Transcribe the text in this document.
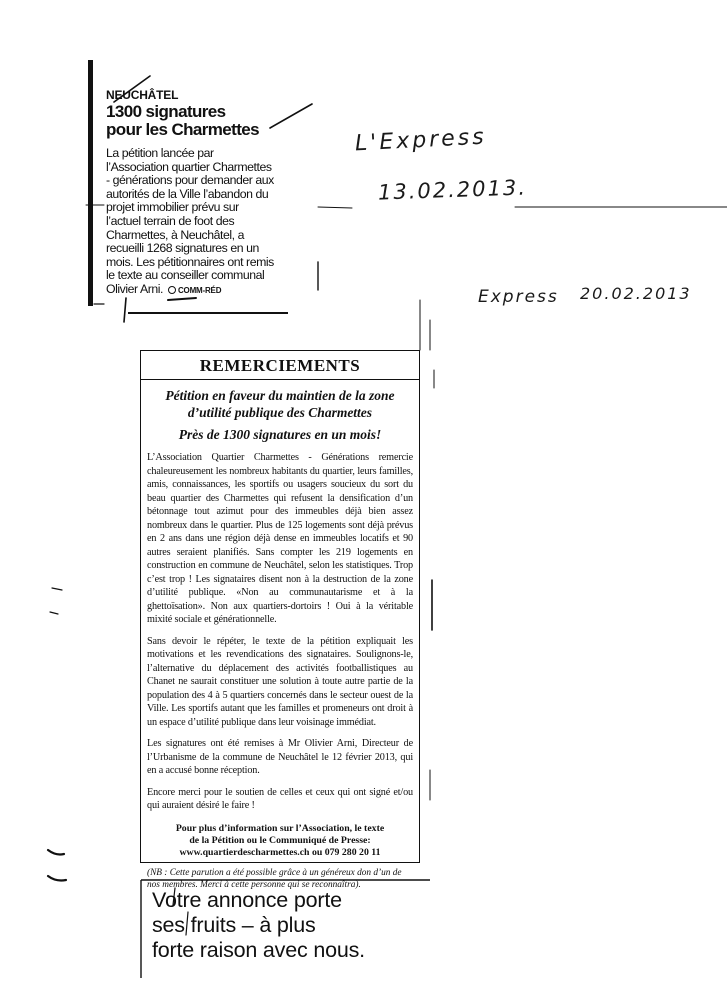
NEUCHÂTEL
1300 signatures
pour les Charmettes
La pétition lancée par
l’Association quartier Charmettes
- générations pour demander aux
autorités de la Ville l’abandon du
projet immobilier prévu sur
l’actuel terrain de foot des
Charmettes, à Neuchâtel, a
recueilli 1268 signatures en un
mois. Les pétitionnaires ont remis
le texte au conseiller communal
Olivier Arni. COMM-RÉD
L'Express
13.02.2013.
Express 20.02.2013
REMERCIEMENTS
Pétition en faveur du maintien de la zone
d’utilité publique des Charmettes
Près de 1300 signatures en un mois!
L’Association Quartier Charmettes - Générations remercie chaleureusement les nombreux habitants du quartier, leurs familles, amis, connaissances, les sportifs ou usagers soucieux du sort du beau quartier des Charmettes qui refusent la densification d’un bétonnage tout azimut pour des immeubles déjà bien assez nombreux dans le quartier. Plus de 125 logements sont déjà prévus en 2 ans dans une région déjà dense en immeubles locatifs et 90 autres seraient planifiés. Sans compter les 219 logements en construction en commune de Neuchâtel, selon les statistiques. Trop c’est trop ! Les signataires disent non à la destruction de la zone d’utilité publique. «Non au communautarisme et à la ghettoïsation». Non aux quartiers-dortoirs ! Oui à la véritable mixité sociale et générationnelle.
Sans devoir le répéter, le texte de la pétition expliquait les motivations et les revendications des signataires. Soulignons-le, l’alternative du déplacement des activités footballistiques au Chanet ne saurait constituer une solution à toute autre partie de la population des 4 à 5 quartiers concernés dans le secteur ouest de la Ville. Les sportifs autant que les familles et promeneurs ont droit à un espace d’utilité publique dans leur voisinage immédiat.
Les signatures ont été remises à Mr Olivier Arni, Directeur de l’Urbanisme de la commune de Neuchâtel le 12 février 2013, qui en a accusé bonne réception.
Encore merci pour le soutien de celles et ceux qui ont signé et/ou qui auraient désiré le faire !
Pour plus d’information sur l’Association, le texte
de la Pétition ou le Communiqué de Presse:
www.quartierdescharmettes.ch ou 079 280 20 11
(NB : Cette parution a été possible grâce à un généreux don d’un de nos membres. Merci à cette personne qui se reconnaîtra).
Votre annonce porte
ses fruits – à plus
forte raison avec nous.
